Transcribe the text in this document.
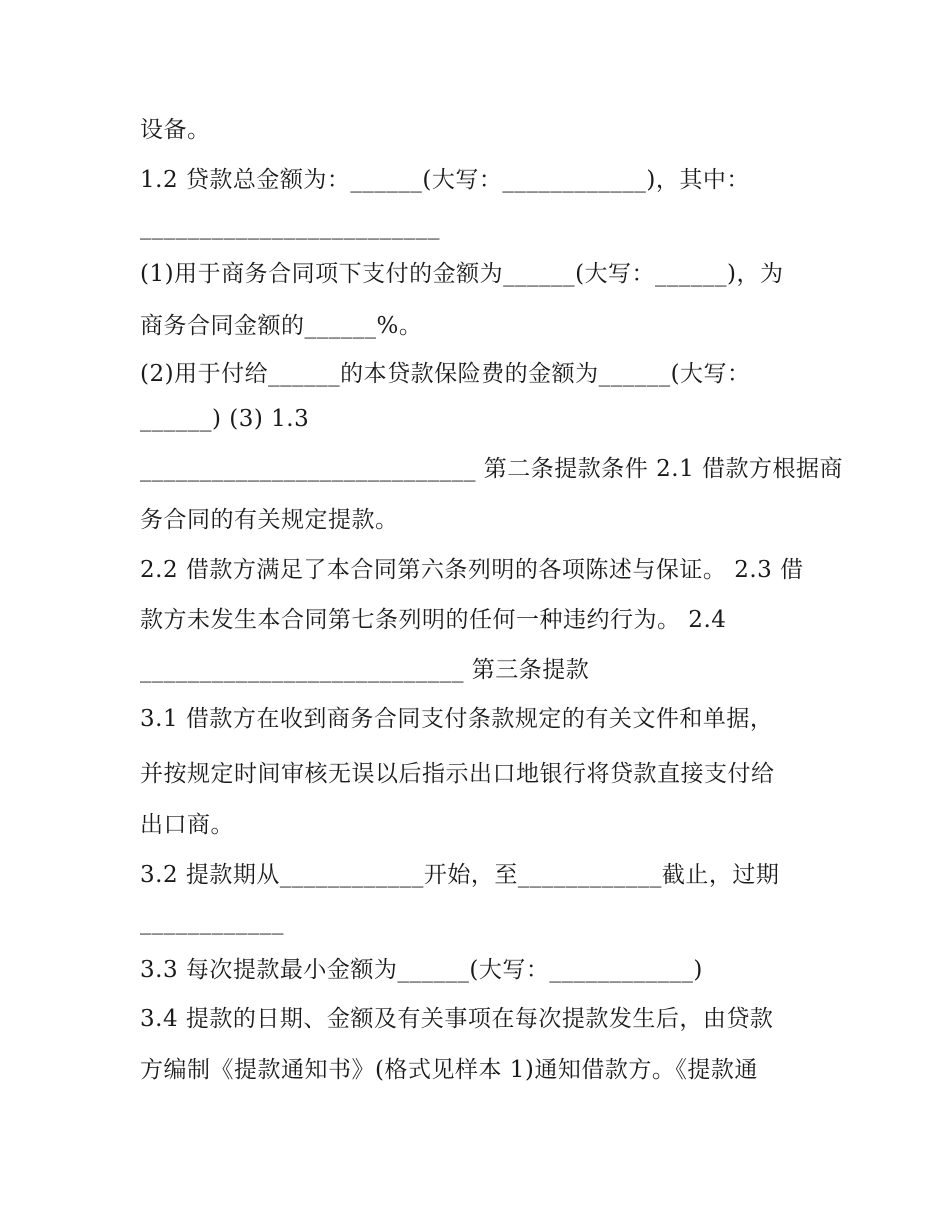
设备。
1.2 贷款总金额为：______(大写：____________)，其中：
_________________________
(1)用于商务合同项下支付的金额为______(大写：______)，为
商务合同金额的______%。
(2)用于付给______的本贷款保险费的金额为______(大写：
______) (3) 1.3
____________________________ 第二条提款条件 2.1 借款方根据商
务合同的有关规定提款。
2.2 借款方满足了本合同第六条列明的各项陈述与保证。 2.3 借
款方未发生本合同第七条列明的任何一种违约行为。 2.4
___________________________ 第三条提款
3.1 借款方在收到商务合同支付条款规定的有关文件和单据，
并按规定时间审核无误以后指示出口地银行将贷款直接支付给
出口商。
3.2 提款期从____________开始，至____________截止，过期
____________
3.3 每次提款最小金额为______(大写：____________)
3.4 提款的日期、金额及有关事项在每次提款发生后，由贷款
方编制《提款通知书》(格式见样本 1)通知借款方。《提款通
